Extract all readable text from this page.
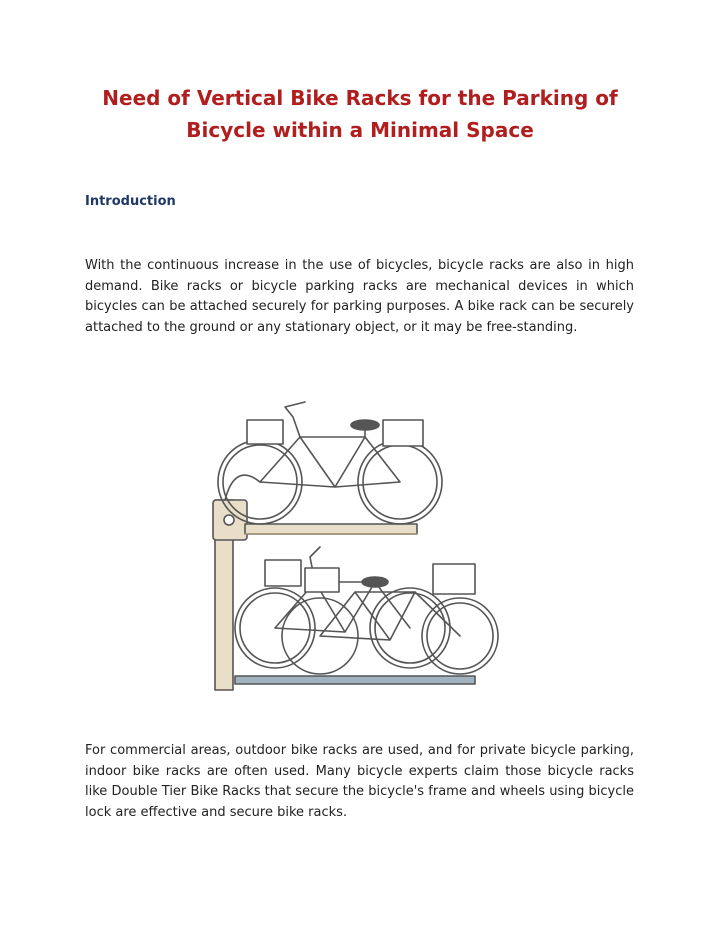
Need of Vertical Bike Racks for the Parking of Bicycle within a Minimal Space
Introduction

With the continuous increase in the use of bicycles, bicycle racks are also in high demand. Bike racks or bicycle parking racks are mechanical devices in which bicycles can be attached securely for parking purposes. A bike rack can be securely attached to the ground or any stationary object, or it may be free-standing.

For commercial areas, outdoor bike racks are used, and for private bicycle parking, indoor bike racks are often used. Many bicycle experts claim those bicycle racks like Double Tier Bike Racks that secure the bicycle's frame and wheels using bicycle lock are effective and secure bike racks.
